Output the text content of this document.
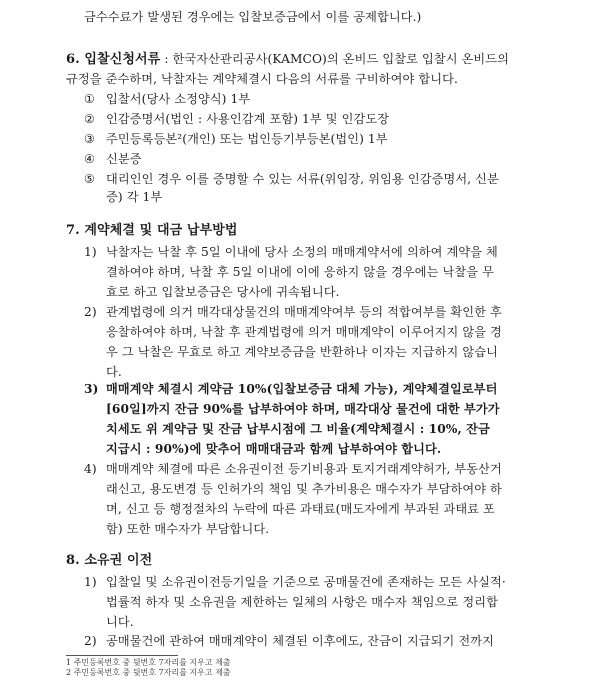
금수수료가 발생된 경우에는 입찰보증금에서 이를 공제합니다.)
6. 입찰신청서류 : 한국자산관리공사(KAMCO)의 온비드 입찰로 입찰시 온비드의
규정을 준수하며, 낙찰자는 계약체결시 다음의 서류를 구비하여야 합니다.
① 입찰서(당사 소정양식) 1부
② 인감증명서(법인 : 사용인감계 포함) 1부 및 인감도장
③ 주민등록등본²(개인) 또는 법인등기부등본(법인) 1부
④ 신분증
⑤ 대리인인 경우 이를 증명할 수 있는 서류(위임장, 위임용 인감증명서, 신분
증) 각 1부
7. 계약체결 및 대금 납부방법
1) 낙찰자는 낙찰 후 5일 이내에 당사 소정의 매매계약서에 의하여 계약을 체
결하여야 하며, 낙찰 후 5일 이내에 이에 응하지 않을 경우에는 낙찰을 무
효로 하고 입찰보증금은 당사에 귀속됩니다.
2) 관계법령에 의거 매각대상물건의 매매계약여부 등의 적합여부를 확인한 후
응찰하여야 하며, 낙찰 후 관계법령에 의거 매매계약이 이루어지지 않을 경
우 그 낙찰은 무효로 하고 계약보증금을 반환하나 이자는 지급하지 않습니
다.
3) 매매계약 체결시 계약금 10%(입찰보증금 대체 가능), 계약체결일로부터
[60일]까지 잔금 90%를 납부하여야 하며, 매각대상 물건에 대한 부가가
치세도 위 계약금 및 잔금 납부시점에 그 비율(계약체결시 : 10%, 잔금
지급시 : 90%)에 맞추어 매매대금과 함께 납부하여야 합니다.
4) 매매계약 체결에 따른 소유권이전 등기비용과 토지거래계약허가, 부동산거
래신고, 용도변경 등 인허가의 책임 및 추가비용은 매수자가 부담하여야 하
며, 신고 등 행정절차의 누락에 따른 과태료(매도자에게 부과된 과태료 포
함) 또한 매수자가 부담합니다.
8. 소유권 이전
1) 입찰일 및 소유권이전등기일을 기준으로 공매물건에 존재하는 모든 사실적·
법률적 하자 및 소유권을 제한하는 일체의 사항은 매수자 책임으로 정리합
니다.
2) 공매물건에 관하여 매매계약이 체결된 이후에도, 잔금이 지급되기 전까지
1 주민등록번호 중 뒷번호 7자리를 지우고 제출
2 주민등록번호 중 뒷번호 7자리를 지우고 제출
